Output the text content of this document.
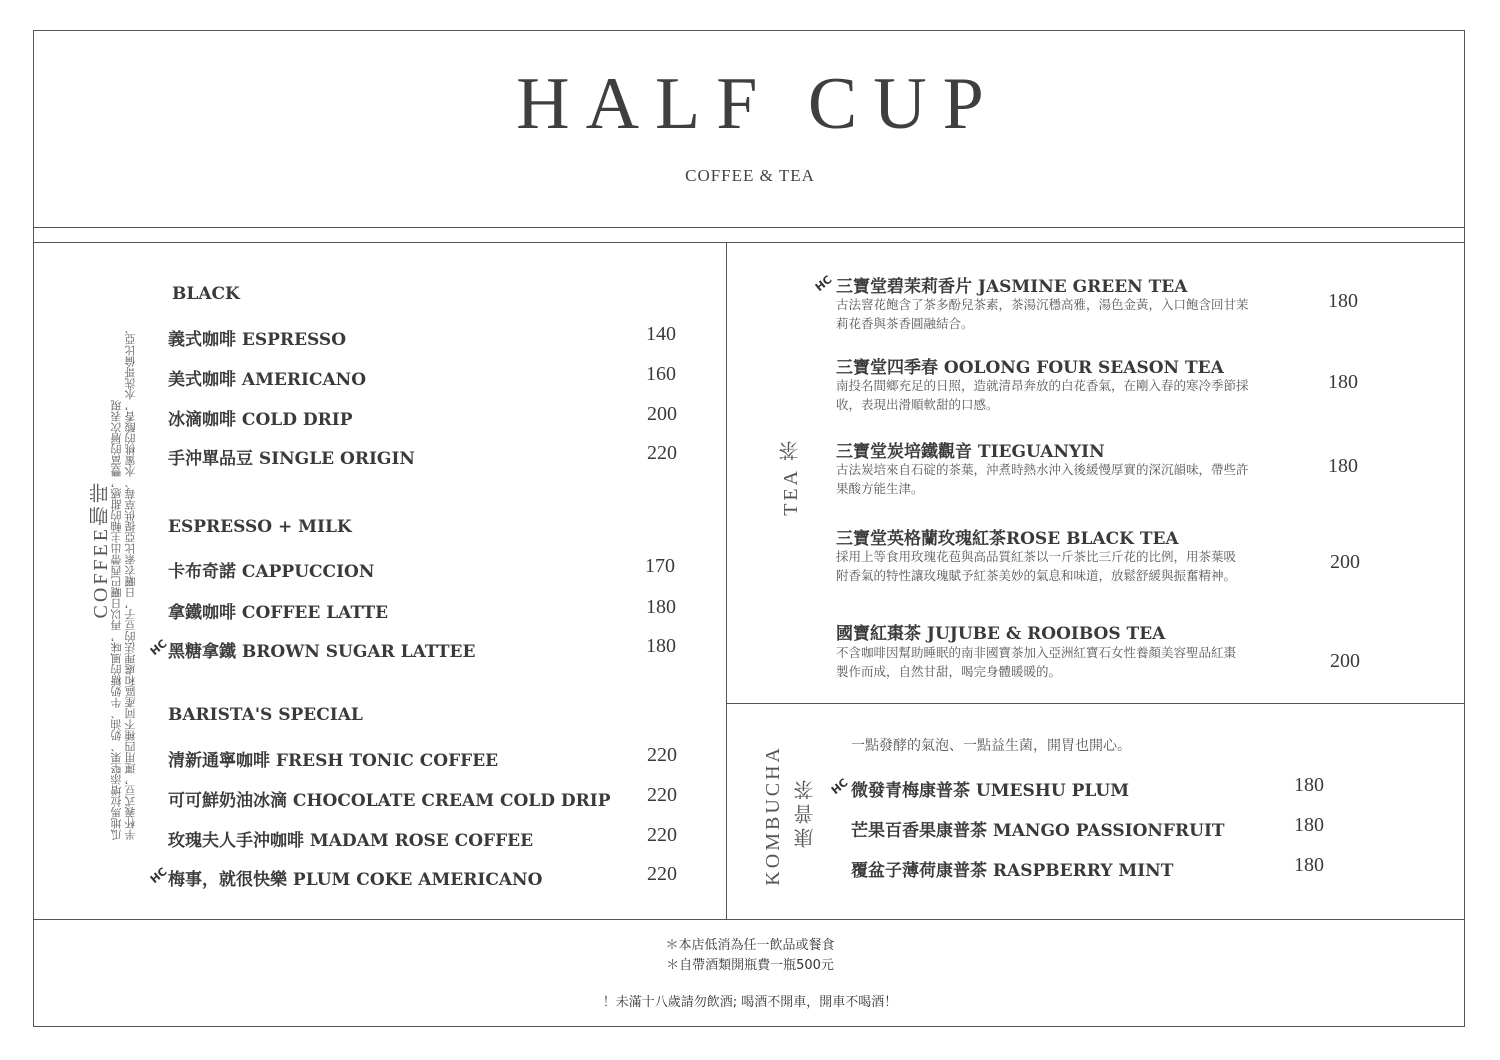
HALF CUP
COFFEE & TEA
COFFEE咖啡 半杯義式豆，運用四種不同產區和處理法的豆子，日曬衣索比亞提供草莓、水蜜桃的酸香，水洗哥倫比亞、
瓜地馬拉增添堅果、奶油、牛奶糖的風味，再以日曬巴西帶出主軸的甜感，豐富的層次表現
BLACK
義式咖啡 ESPRESSO	140
美式咖啡 AMERICANO	160
冰滴咖啡 COLD DRIP	200
手沖單品豆 SINGLE ORIGIN	220
ESPRESSO + MILK
卡布奇諾 CAPPUCCION	170
拿鐵咖啡 COFFEE LATTE	180
HC
黑糖拿鐵 BROWN SUGAR LATTEE	180
BARISTA'S SPECIAL
清新通寧咖啡 FRESH TONIC COFFEE	220
可可鮮奶油冰滴 CHOCOLATE CREAM COLD DRIP	220
玫瑰夫人手沖咖啡 MADAM ROSE COFFEE	220
HC
梅事，就很快樂 PLUM COKE AMERICANO	220
TEA 茶
HC 三寶堂碧茉莉香片 JASMINE GREEN TEA
古法窨花飽含了茶多酚兒茶素，茶湯沉穩高雅，湯色金黃，入口飽含回甘茉
莉花香與茶香圓融結合。
180
三寶堂四季春 OOLONG FOUR SEASON TEA
南投名間鄉充足的日照，造就清昂奔放的白花香氣，在剛入春的寒冷季節採
收，表現出滑順軟甜的口感。
180
三寶堂炭培鐵觀音 TIEGUANYIN
古法炭培來自石碇的茶葉，沖煮時熱水沖入後緩慢厚實的深沉韻味，帶些許
果酸方能生津。
180
三寶堂英格蘭玫瑰紅茶ROSE BLACK TEA
採用上等食用玫瑰花苞與高品質紅茶以一斤茶比三斤花的比例，用茶葉吸
附香氣的特性讓玫瑰賦予紅茶美妙的氣息和味道，放鬆舒緩與振奮精神。
200
國寶紅棗茶 JUJUBE & ROOIBOS TEA
不含咖啡因幫助睡眠的南非國寶茶加入亞洲紅寶石女性養顏美容聖品紅棗
製作而成，自然甘甜，喝完身體暖暖的。	200
KOMBUCHA 康普茶
一點發酵的氣泡、一點益生菌，開胃也開心。
HC 微發青梅康普茶 UMESHU PLUM	180
芒果百香果康普茶 MANGO PASSIONFRUIT	180
覆盆子薄荷康普茶 RASPBERRY MINT	180
＊本店低消為任一飲品或餐食
＊自帶酒類開瓶費一瓶500元
！未滿十八歲請勿飲酒; 喝酒不開車，開車不喝酒！
